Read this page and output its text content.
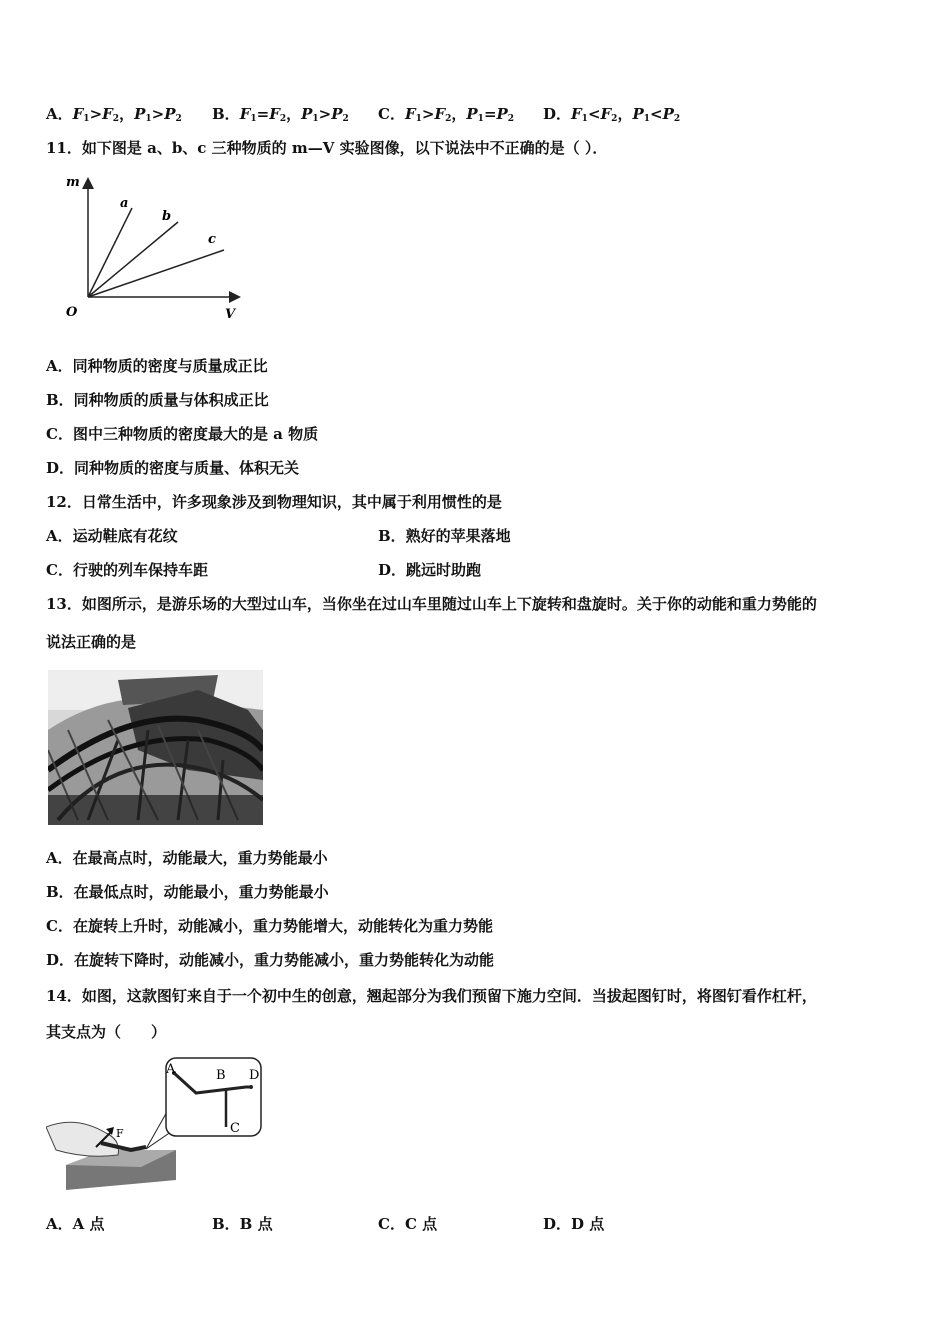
A．$F_1>F_2$，$P_1>P_2$ B．$F_1=F_2$，$P_1>P_2$ C．$F_1>F_2$，$P_1=P_2$ D．$F_1<F_2$，$P_1<P_2$
11．如下图是 a、b、c 三种物质的 m—V 实验图像，以下说法中不正确的是（ ）．
m
V
O
a
b
c
A．同种物质的密度与质量成正比
B．同种物质的质量与体积成正比
C．图中三种物质的密度最大的是 a 物质
D．同种物质的密度与质量、体积无关
12．日常生活中，许多现象涉及到物理知识，其中属于利用惯性的是
A．运动鞋底有花纹	B．熟好的苹果落地
C．行驶的列车保持车距	D．跳远时助跑
13．如图所示，是游乐场的大型过山车，当你坐在过山车里随过山车上下旋转和盘旋时。关于你的动能和重力势能的
说法正确的是
A．在最高点时，动能最大，重力势能最小
B．在最低点时，动能最小，重力势能最小
C．在旋转上升时，动能减小，重力势能增大，动能转化为重力势能
D．在旋转下降时，动能减小，重力势能减小，重力势能转化为动能
14．如图，这款图钉来自于一个初中生的创意，翘起部分为我们预留下施力空间．当拔起图钉时，将图钉看作杠杆，
其支点为（　　）
F
A	B D
C
A．A 点	B．B 点	C．C 点	D．D 点
